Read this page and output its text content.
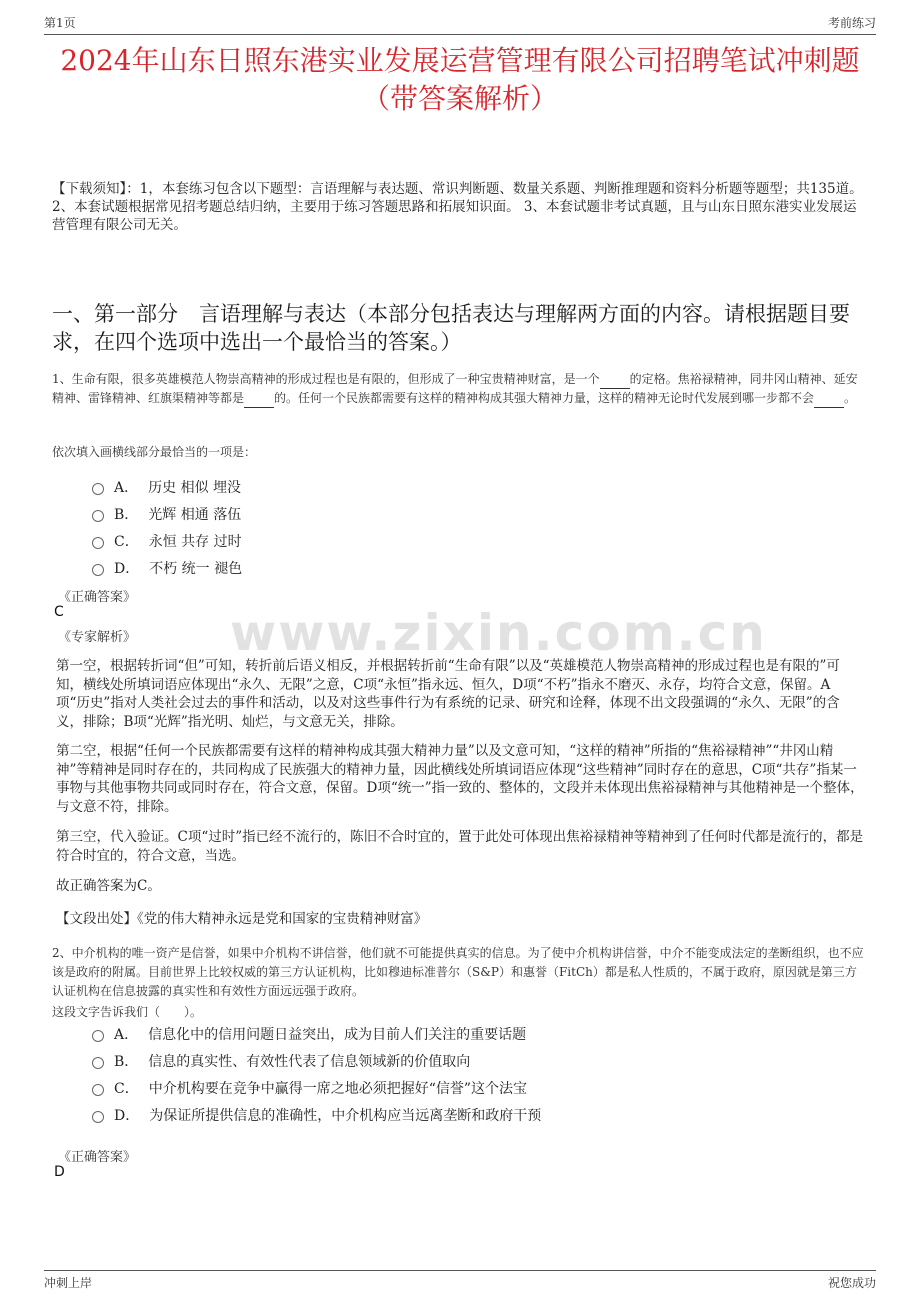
第1页	考前练习
2024年山东日照东港实业发展运营管理有限公司招聘笔试冲刺题（带答案解析）
【下载须知】：1，本套练习包含以下题型：言语理解与表达题、常识判断题、数量关系题、判断推理题和资料分析题等题型；共135道。 2、本套试题根据常见招考题总结归纳，主要用于练习答题思路和拓展知识面。 3、本套试题非考试真题，且与山东日照东港实业发展运营管理有限公司无关。
一、第一部分　言语理解与表达（本部分包括表达与理解两方面的内容。请根据题目要求，在四个选项中选出一个最恰当的答案。）
1、生命有限，很多英雄模范人物崇高精神的形成过程也是有限的，但形成了一种宝贵精神财富，是一个	的定格。焦裕禄精神，同井冈山精神、延安精神、雷锋精神、红旗渠精神等都是	的。任何一个民族都需要有这样的精神构成其强大精神力量，这样的精神无论时代发展到哪一步都不会	。
依次填入画横线部分最恰当的一项是：
A． 历史 相似 埋没
B． 光辉 相通 落伍
C． 永恒 共存 过时
D． 不朽 统一 褪色
《正确答案》
C
《专家解析》 www.zixin.com.cn
第一空，根据转折词“但”可知，转折前后语义相反，并根据转折前“生命有限”以及“英雄模范人物崇高精神的形成过程也是有限的”可知，横线处所填词语应体现出“永久、无限”之意，C项“永恒”指永远、恒久，D项“不朽”指永不磨灭、永存，均符合文意，保留。A项“历史”指对人类社会过去的事件和活动，以及对这些事件行为有系统的记录、研究和诠释，体现不出文段强调的“永久、无限”的含义，排除；B项“光辉”指光明、灿烂，与文意无关，排除。
第二空，根据“任何一个民族都需要有这样的精神构成其强大精神力量”以及文意可知，“这样的精神”所指的“焦裕禄精神”“井冈山精神”等精神是同时存在的，共同构成了民族强大的精神力量，因此横线处所填词语应体现“这些精神”同时存在的意思，C项“共存”指某一事物与其他事物共同或同时存在，符合文意，保留。D项“统一”指一致的、整体的，文段并未体现出焦裕禄精神与其他精神是一个整体，与文意不符，排除。
第三空，代入验证。C项“过时”指已经不流行的，陈旧不合时宜的，置于此处可体现出焦裕禄精神等精神到了任何时代都是流行的，都是符合时宜的，符合文意，当选。
故正确答案为C。
【文段出处】《党的伟大精神永远是党和国家的宝贵精神财富》
2、中介机构的唯一资产是信誉，如果中介机构不讲信誉，他们就不可能提供真实的信息。为了使中介机构讲信誉，中介不能变成法定的垄断组织，也不应该是政府的附属。目前世界上比较权威的第三方认证机构，比如穆迪标准普尔（S&P）和惠誉（FitCh）都是私人性质的，不属于政府，原因就是第三方认证机构在信息披露的真实性和有效性方面远远强于政府。
这段文字告诉我们（　　）。
A． 信息化中的信用问题日益突出，成为目前人们关注的重要话题
B． 信息的真实性、有效性代表了信息领域新的价值取向
C． 中介机构要在竞争中赢得一席之地必须把握好“信誉”这个法宝
D． 为保证所提供信息的准确性，中介机构应当远离垄断和政府干预
《正确答案》
D
冲刺上岸	祝您成功
